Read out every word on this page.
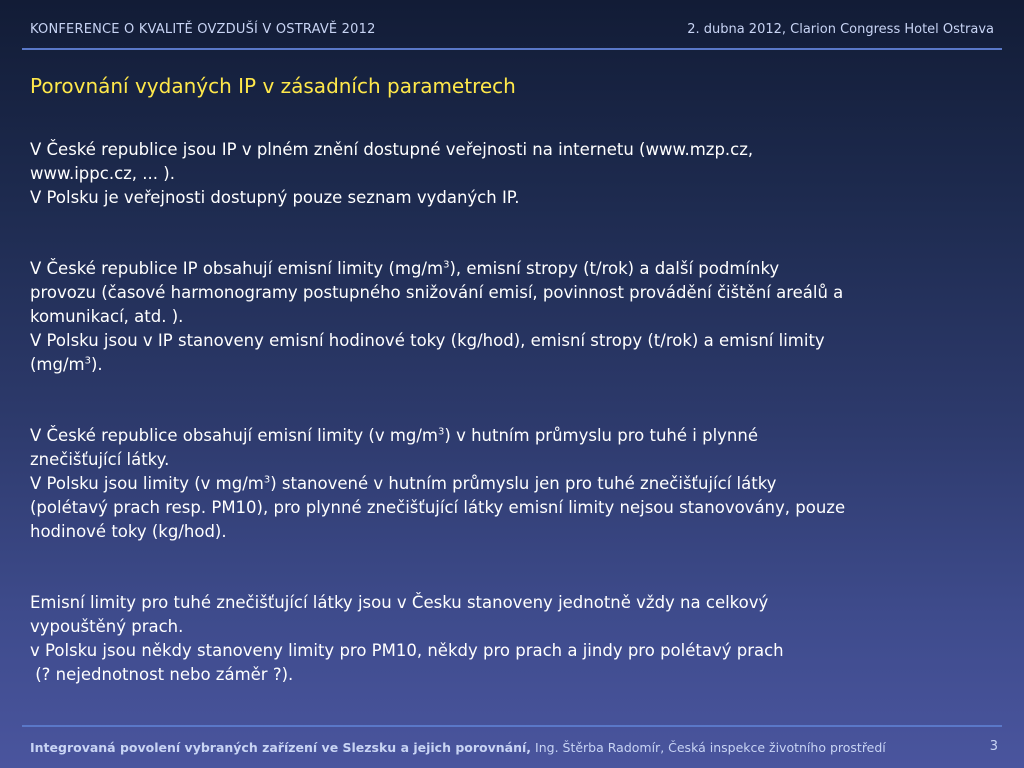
KONFERENCE O KVALITĚ OVZDUŠÍ V OSTRAVĚ 2012	2. dubna 2012, Clarion Congress Hotel Ostrava
Porovnání vydaných IP v zásadních parametrech

V České republice jsou IP v plném znění dostupné veřejnosti na internetu (www.mzp.cz,

www.ippc.cz, ... ).

V Polsku je veřejnosti dostupný pouze seznam vydaných IP.

V České republice IP obsahují emisní limity $(mg/m^3)$, emisní stropy (t/rok) a další podmínky

provozu (časové harmonogramy postupného snižování emisí, povinnost provádění čištění areálů a

komunikací, atd. ).

V Polsku jsou v IP stanoveny emisní hodinové toky (kg/hod), emisní stropy (t/rok) a emisní limity

$(mg/m^3)$.

V České republice obsahují emisní limity (v $mg/m^3$) v hutním průmyslu pro tuhé i plynné

znečišťující látky.

V Polsku jsou limity (v $mg/m^3$) stanovené v hutním průmyslu jen pro tuhé znečišťující látky

(polétavý prach resp. PM10), pro plynné znečišťující látky emisní limity nejsou stanovovány, pouze

hodinové toky (kg/hod).

Emisní limity pro tuhé znečišťující látky jsou v Česku stanoveny jednotně vždy na celkový

vypouštěný prach.

v Polsku jsou někdy stanoveny limity pro PM10, někdy pro prach a jindy pro polétavý prach

(? nejednotnost nebo záměr ?).

Integrovaná povolení vybraných zařízení ve Slezsku a jejich porovnání, Ing. Štěrba Radomír, Česká inspekce životního prostředí	3
